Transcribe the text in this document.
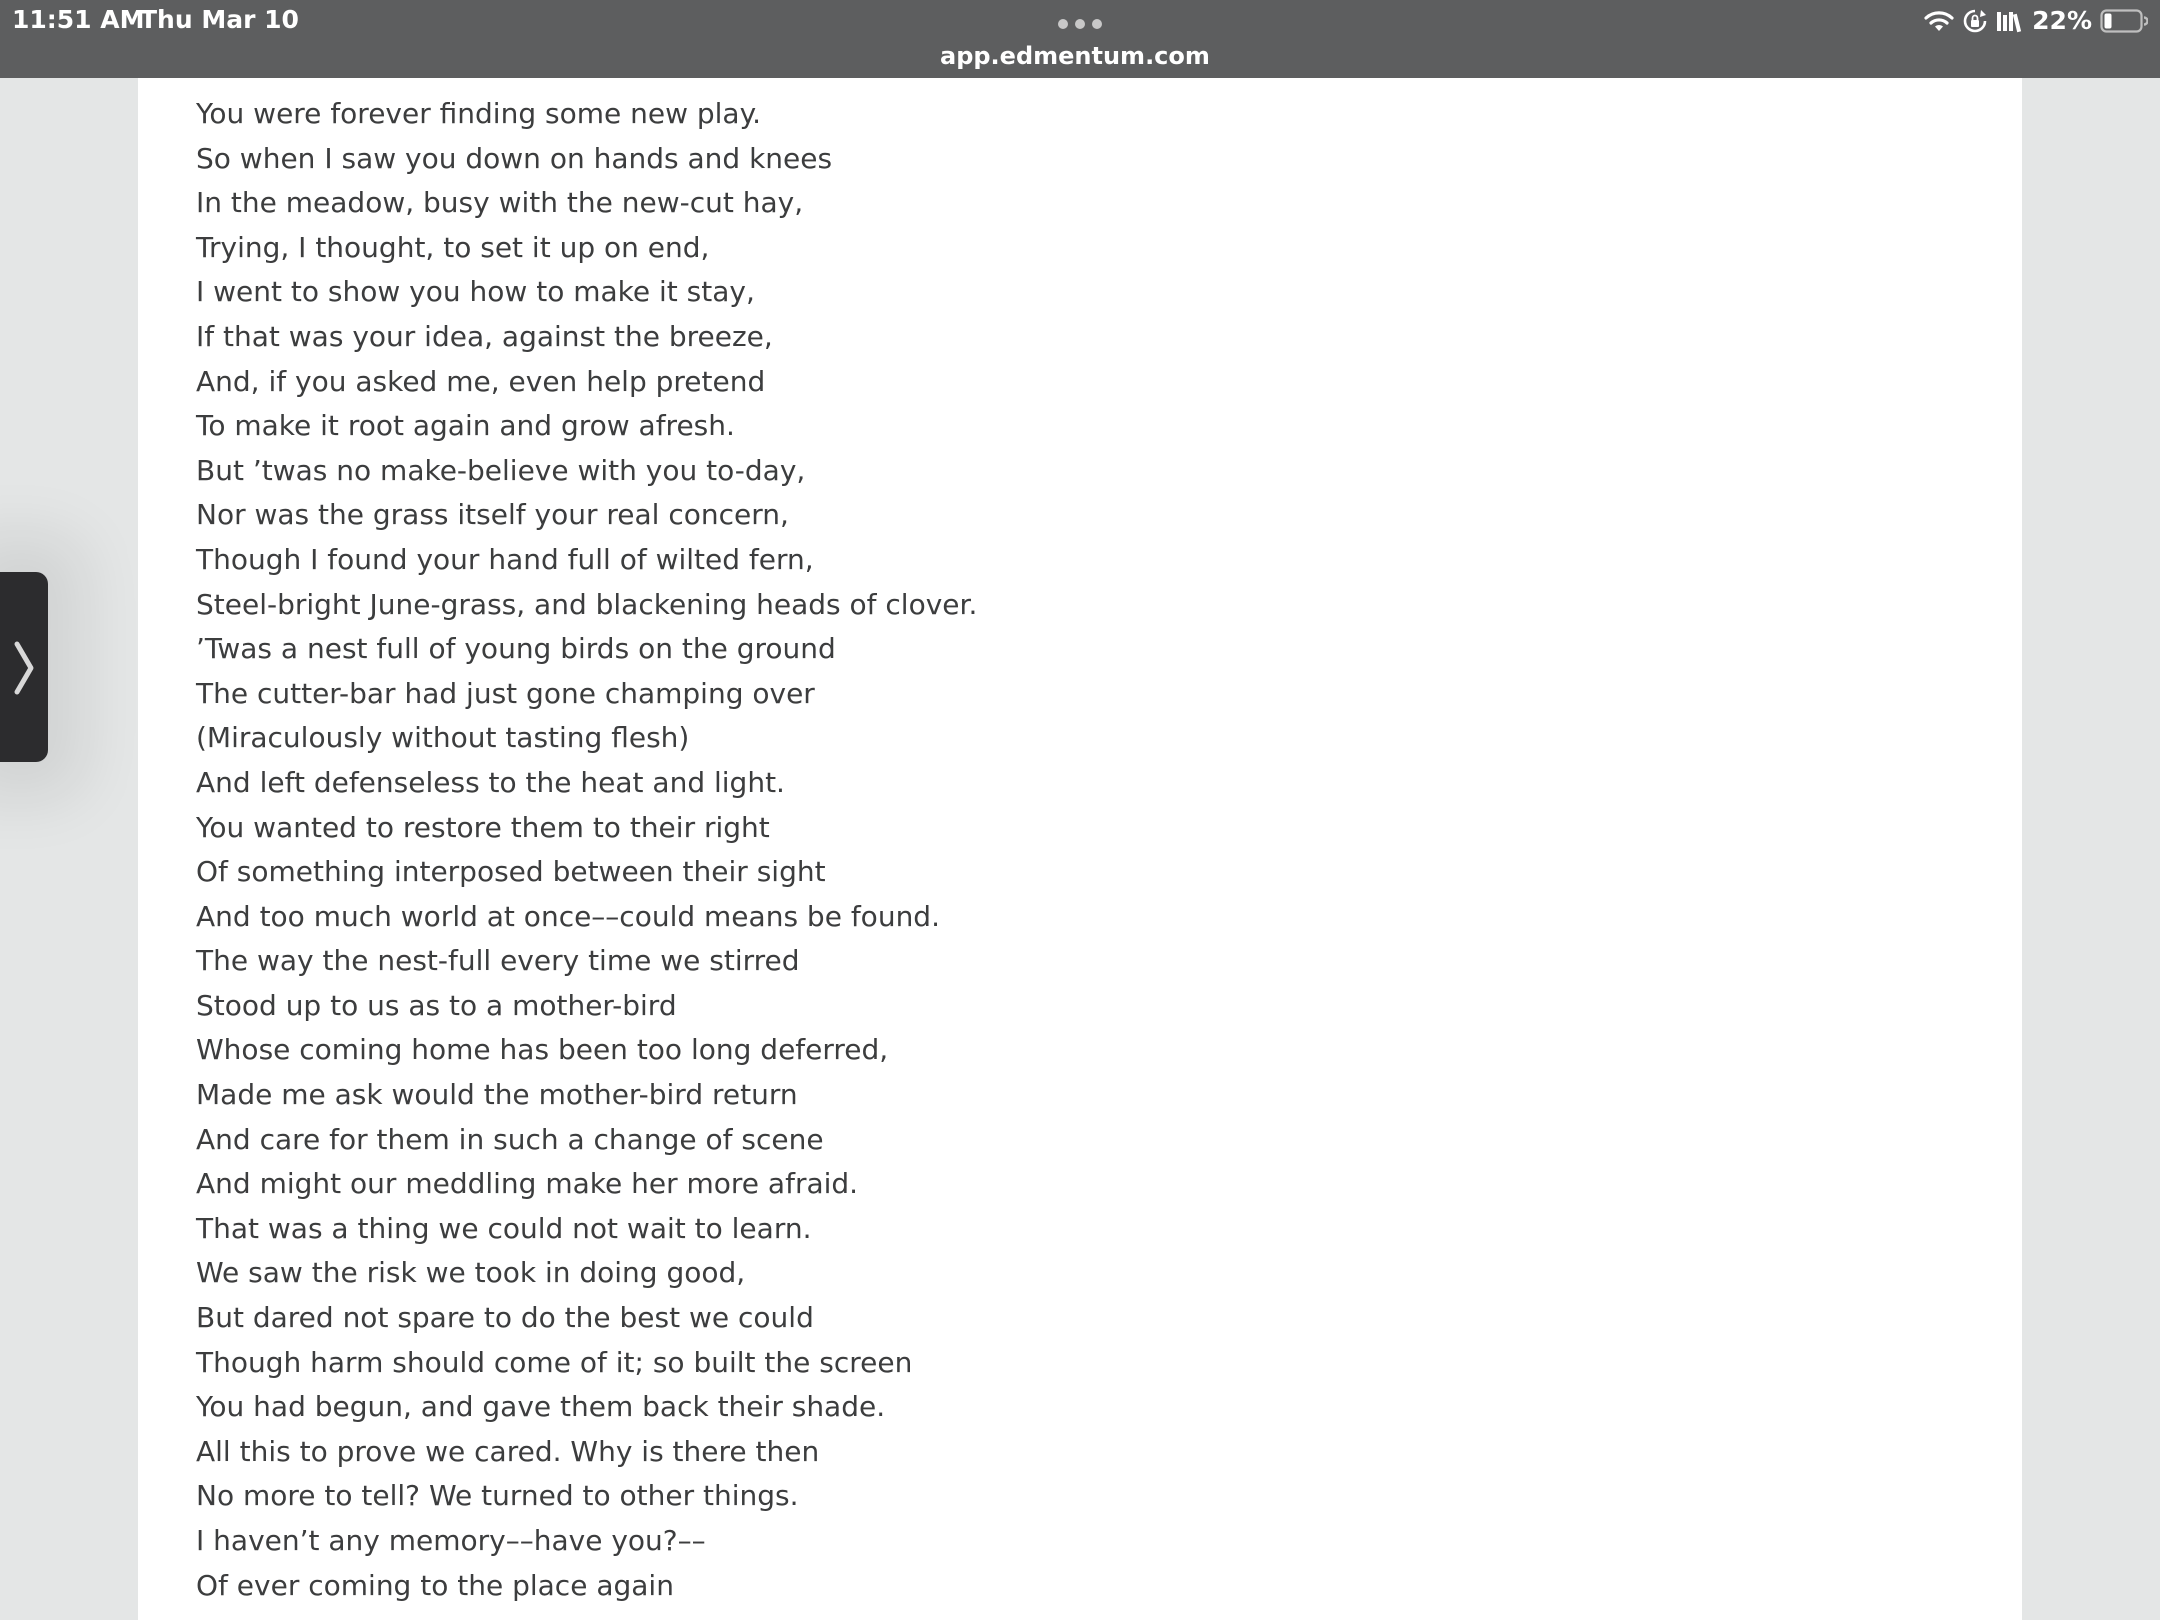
11:51 AM
Thu Mar 10
app.edmentum.com
22%
You were forever finding some new play.
So when I saw you down on hands and knees
In the meadow, busy with the new-cut hay,
Trying, I thought, to set it up on end,
I went to show you how to make it stay,
If that was your idea, against the breeze,
And, if you asked me, even help pretend
To make it root again and grow afresh.
But ’twas no make-believe with you to-day,
Nor was the grass itself your real concern,
Though I found your hand full of wilted fern,
Steel-bright June-grass, and blackening heads of clover.
’Twas a nest full of young birds on the ground
The cutter-bar had just gone champing over
(Miraculously without tasting flesh)
And left defenseless to the heat and light.
You wanted to restore them to their right
Of something interposed between their sight
And too much world at once––could means be found.
The way the nest-full every time we stirred
Stood up to us as to a mother-bird
Whose coming home has been too long deferred,
Made me ask would the mother-bird return
And care for them in such a change of scene
And might our meddling make her more afraid.
That was a thing we could not wait to learn.
We saw the risk we took in doing good,
But dared not spare to do the best we could
Though harm should come of it; so built the screen
You had begun, and gave them back their shade.
All this to prove we cared. Why is there then
No more to tell? We turned to other things.
I haven’t any memory––have you?––
Of ever coming to the place again
